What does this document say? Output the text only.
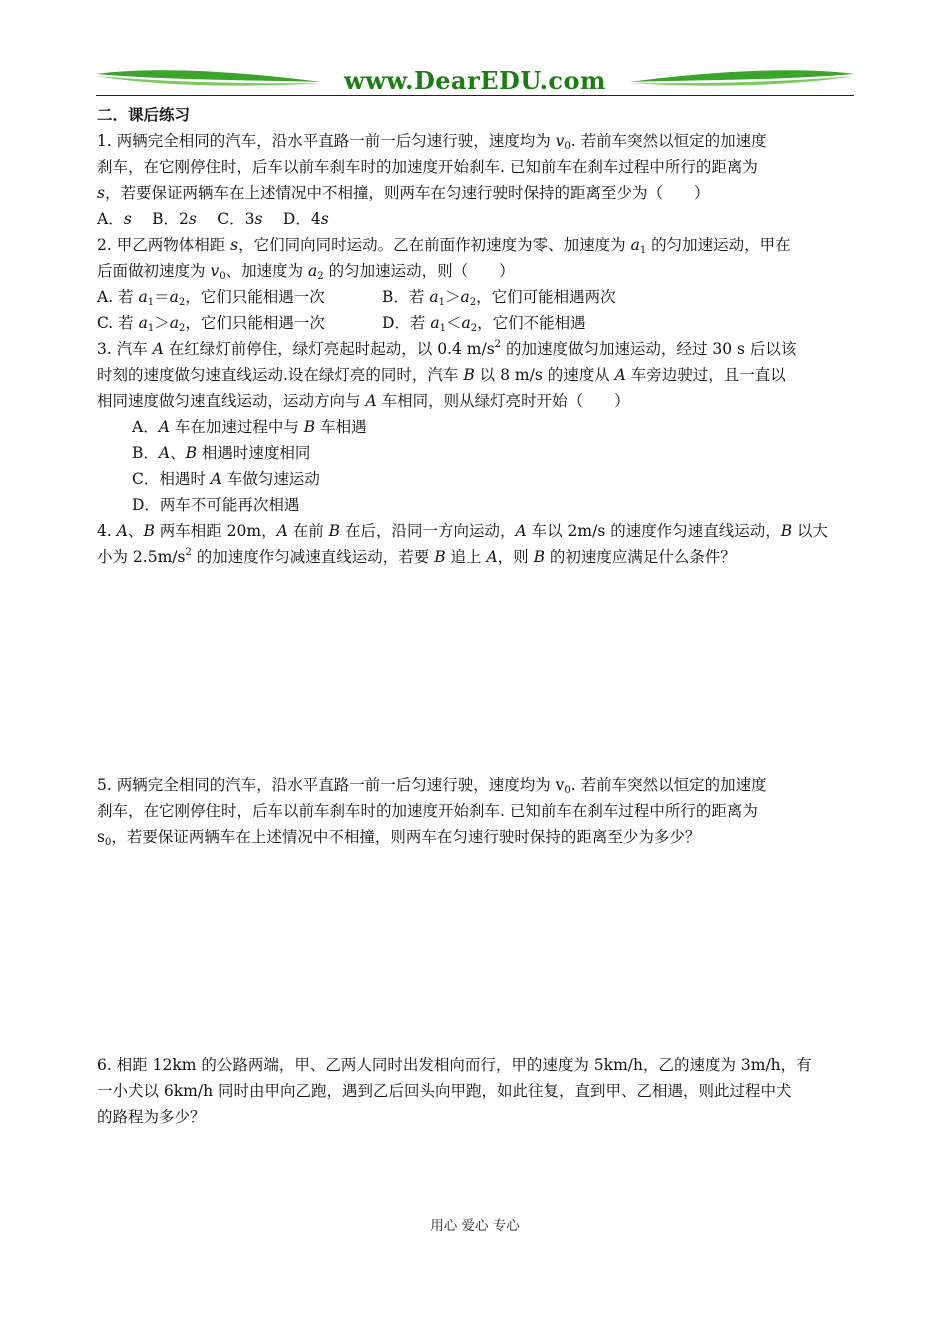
www.DearEDU.com
二．课后练习
1. 两辆完全相同的汽车，沿水平直路一前一后匀速行驶，速度均为 $v_0$. 若前车突然以恒定的加速度
刹车，在它刚停住时，后车以前车刹车时的加速度开始刹车. 已知前车在刹车过程中所行的距离为
s，若要保证两辆车在上述情况中不相撞，则两车在匀速行驶时保持的距离至少为（　　）
A．s  B．2s  C．3s  D．4s
2. 甲乙两物体相距 s，它们同向同时运动。乙在前面作初速度为零、加速度为 $a_1$ 的匀加速运动，甲在
后面做初速度为 $v_0$、加速度为 $a_2$ 的匀加速运动，则（　　）
A. 若 $a_1=a_2$，它们只能相遇一次	B．若 $a_1>a_2$，它们可能相遇两次
C. 若 $a_1>a_2$，它们只能相遇一次	D．若 $a_1<a_2$，它们不能相遇
3. 汽车 A 在红绿灯前停住，绿灯亮起时起动，以 0.4 $m/s^2$ 的加速度做匀加速运动，经过 30 s 后以该
时刻的速度做匀速直线运动.设在绿灯亮的同时，汽车 B 以 8 m/s 的速度从 A 车旁边驶过，且一直以
相同速度做匀速直线运动，运动方向与 A 车相同，则从绿灯亮时开始（　　）
A．A 车在加速过程中与 B 车相遇
B．A、B 相遇时速度相同
C．相遇时 A 车做匀速运动
D．两车不可能再次相遇
4. A、B 两车相距 20m，A 在前 B 在后，沿同一方向运动，A 车以 2m/s 的速度作匀速直线运动，B 以大
小为 $2.5m/s^2$ 的加速度作匀减速直线运动，若要 B 追上 A，则 B 的初速度应满足什么条件？
5. 两辆完全相同的汽车，沿水平直路一前一后匀速行驶，速度均为 $v_0$. 若前车突然以恒定的加速度
刹车，在它刚停住时，后车以前车刹车时的加速度开始刹车. 已知前车在刹车过程中所行的距离为
$s_0$，若要保证两辆车在上述情况中不相撞，则两车在匀速行驶时保持的距离至少为多少？
6. 相距 12km 的公路两端，甲、乙两人同时出发相向而行，甲的速度为 5km/h，乙的速度为 3m/h，有
一小犬以 6km/h 同时由甲向乙跑，遇到乙后回头向甲跑，如此往复，直到甲、乙相遇，则此过程中犬
的路程为多少？
用心 爱心 专心
